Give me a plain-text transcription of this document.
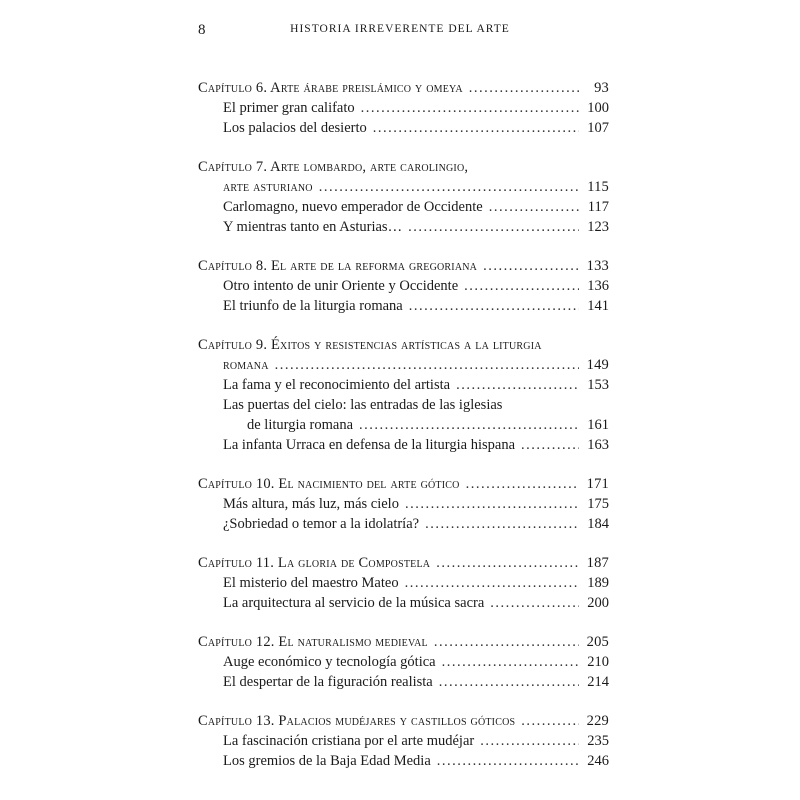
8	HISTORIA IRREVERENTE DEL ARTE
Capítulo 6. Arte árabe preislámico y omeya .....	93
El primer gran califato .....	100
Los palacios del desierto .....	107
Capítulo 7. Arte lombardo, arte carolingio,
arte asturiano .....	115
Carlomagno, nuevo emperador de Occidente .....	117
Y mientras tanto en Asturias… .....	123
Capítulo 8. El arte de la reforma gregoriana .....	133
Otro intento de unir Oriente y Occidente .....	136
El triunfo de la liturgia romana .....	141
Capítulo 9. Éxitos y resistencias artísticas a la liturgia
romana .....	149
La fama y el reconocimiento del artista .....	153
Las puertas del cielo: las entradas de las iglesias
de liturgia romana .....	161
La infanta Urraca en defensa de la liturgia hispana .....	163
Capítulo 10. El nacimiento del arte gótico .....	171
Más altura, más luz, más cielo .....	175
¿Sobriedad o temor a la idolatría? .....	184
Capítulo 11. La gloria de Compostela .....	187
El misterio del maestro Mateo .....	189
La arquitectura al servicio de la música sacra .....	200
Capítulo 12. El naturalismo medieval .....	205
Auge económico y tecnología gótica .....	210
El despertar de la figuración realista .....	214
Capítulo 13. Palacios mudéjares y castillos góticos .....	229
La fascinación cristiana por el arte mudéjar .....	235
Los gremios de la Baja Edad Media .....	246
